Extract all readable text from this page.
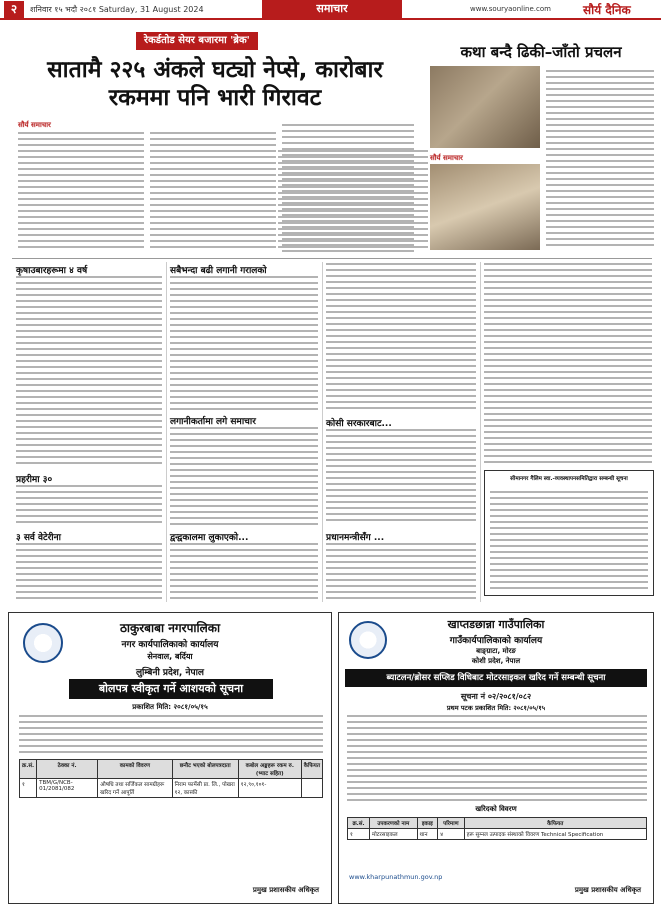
२	शनिवार १५ भदौ २०८१ Saturday, 31 August 2024	समाचार	www.souryaonline.com	सौर्य दैनिक
रेकर्डतोड सेयर बजारमा 'ब्रेक'
सातामै २२५ अंकले घट्यो नेप्से, कारोबार रकममा पनि भारी गिरावट
सौर्य समाचार
कथा बन्दै ढिकी–जाँतो प्रचलन
सौर्य समाचार
कृषाउबारहरूमा ४ वर्ष
प्रहरीमा ३०
३ सर्व वेटेरीना
सबैभन्दा बढी लगानी गरालको
लगानीकर्तामा लगे समाचार
द्वन्द्वकालमा लुकाएको...
कोसी सरकारबाट...
प्रधानमन्त्रीसँग ...
सीमानगर गैलिम स्वा.-व्यवस्थापनसमितिद्वारा सम्बन्धी सूचना
ठाकुरबाबा नगरपालिका
नगर कार्यपालिकाको कार्यालय
सेनवाल, बर्दिया
लुम्बिनी प्रदेश, नेपाल
बोलपत्र स्वीकृत गर्ने आशयको सूचना
प्रकाशित मिति: २०८१/०५/१५
क्र.सं.	ठेक्का नं.	कामको विवरण	छनौट भएको बोलपत्रदाता	कबोल अङ्कहरू रकम रु. (भ्याट सहित)	कैफियत
१	TBM/G/NCB-01/2081/082	औषधि तथा सर्जिकल सामग्रीहरू खरिद गर्ने आपूर्ति	निराम फार्मेसी प्रा. लि., पोखरा १२, कास्की	१२,९०,१०१-	
प्रमुख प्रशासकीय अधिकृत
खाप्तडछान्ना गाउँपालिका
गाउँकार्यपालिकाको कार्यालय
बाङ्ग्राटा, मोरङ
कोशी प्रदेश, नेपाल
ब्याटलन/ब्रोसर सप्लिड विधिबाट मोटरसाइकल खरिद गर्ने सम्बन्धी सूचना
सूचना नं ०२/२०८१/०८२
प्रथम पटक प्रकाशित मिति: २०८१/०५/१५
खरिदको विवरण
क्र.सं.	उपकरणको नाम	इकाइ	परिमाण	कैफियत
१	मोटरसाइकल	थान	४	हरू सुम्नल उत्पादक संस्थाको विवरण Technical Specification
www.kharpunathmun.gov.np
प्रमुख प्रशासकीय अधिकृत
